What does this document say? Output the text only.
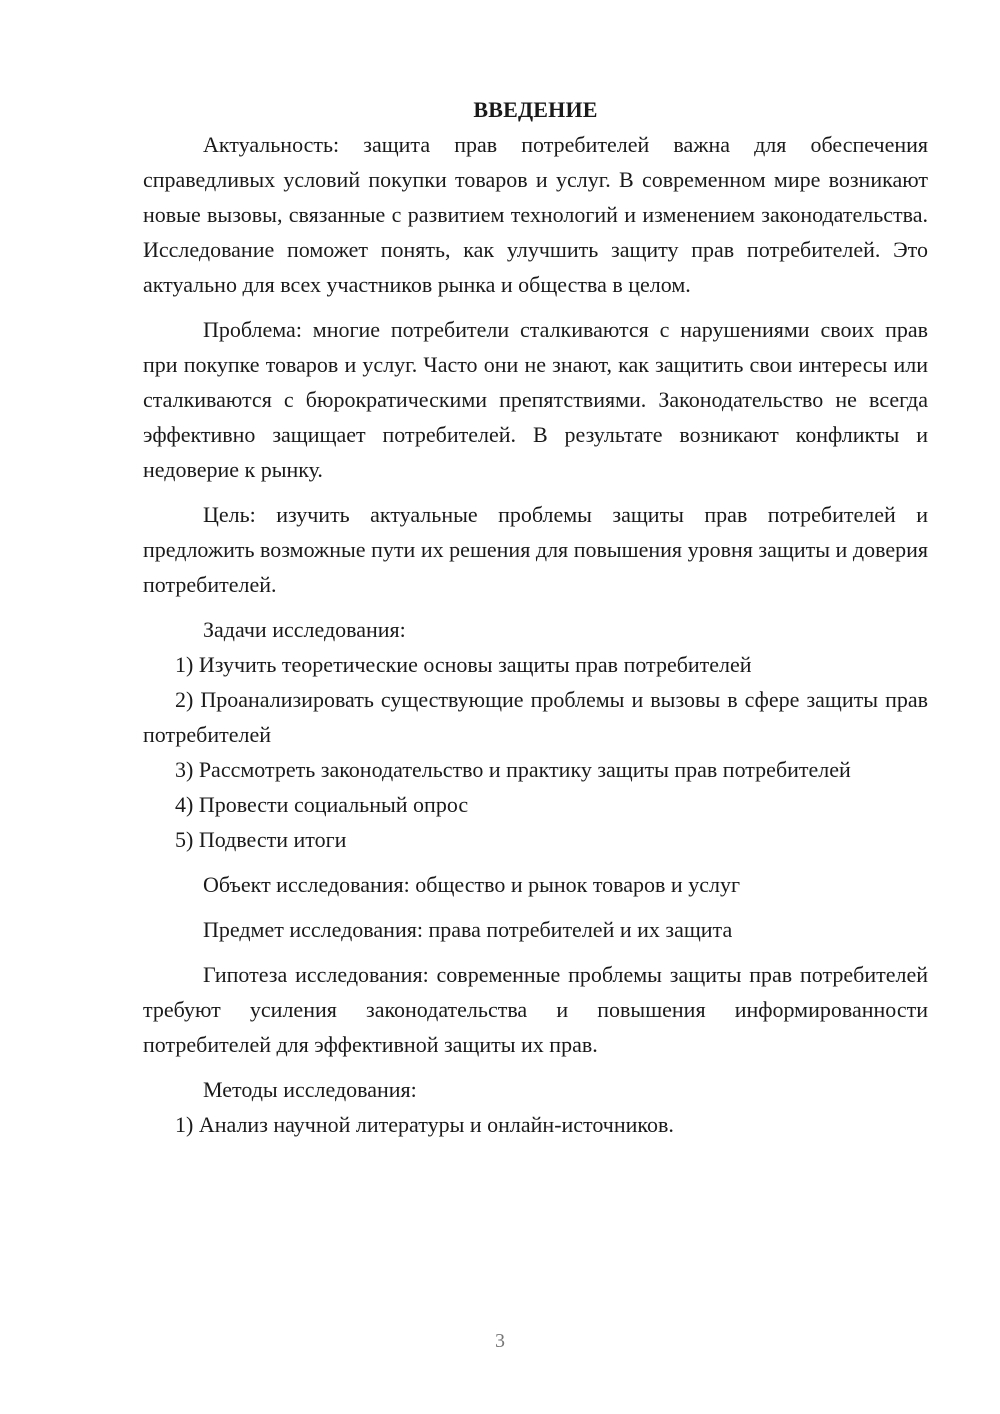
ВВЕДЕНИЕ

Актуальность: защита прав потребителей важна для обеспечения справедливых условий покупки товаров и услуг. В современном мире возникают новые вызовы, связанные с развитием технологий и изменением законодательства. Исследование поможет понять, как улучшить защиту прав потребителей. Это актуально для всех участников рынка и общества в целом.

Проблема: многие потребители сталкиваются с нарушениями своих прав при покупке товаров и услуг. Часто они не знают, как защитить свои интересы или сталкиваются с бюрократическими препятствиями. Законодательство не всегда эффективно защищает потребителей. В результате возникают конфликты и недоверие к рынку.

Цель: изучить актуальные проблемы защиты прав потребителей и предложить возможные пути их решения для повышения уровня защиты и доверия потребителей.

Задачи исследования:

1) Изучить теоретические основы защиты прав потребителей

2) Проанализировать существующие проблемы и вызовы в сфере защиты прав потребителей

3) Рассмотреть законодательство и практику защиты прав потребителей

4) Провести социальный опрос

5) Подвести итоги

Объект исследования: общество и рынок товаров и услуг

Предмет исследования: права потребителей и их защита

Гипотеза исследования: современные проблемы защиты прав потребителей требуют усиления законодательства и повышения информированности потребителей для эффективной защиты их прав.

Методы исследования:

1) Анализ научной литературы и онлайн-источников.

3
